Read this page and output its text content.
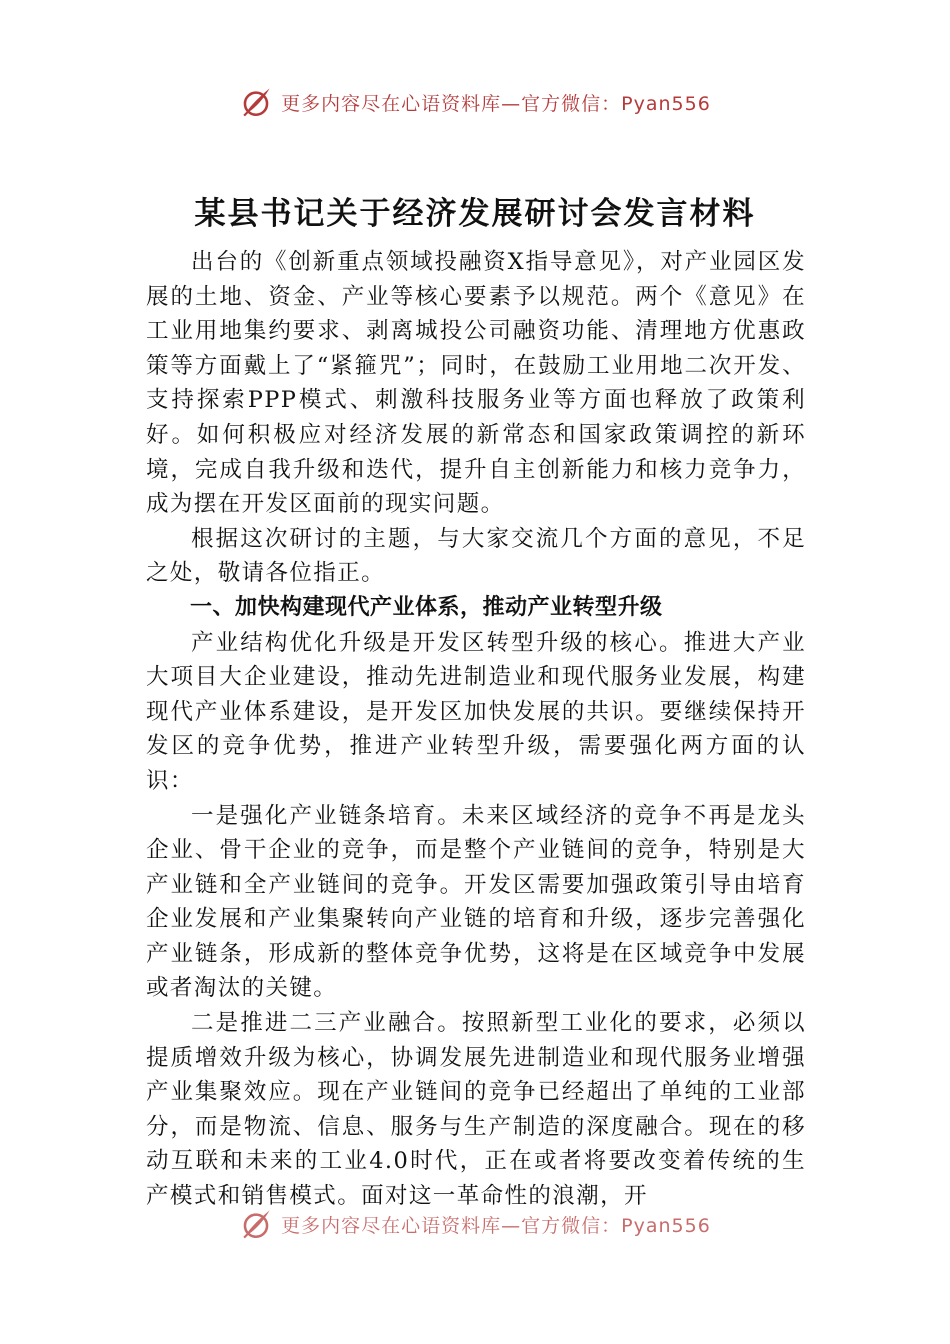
更多内容尽在心语资料库—官方微信：Pyan556
某县书记关于经济发展研讨会发言材料

出台的《创新重点领域投融资X指导意见》，对产业园区发展的土地、资金、产业等核心要素予以规范。两个《意见》在工业用地集约要求、剥离城投公司融资功能、清理地方优惠政策等方面戴上了“紧箍咒”；同时，在鼓励工业用地二次开发、支持探索PPP模式、刺激科技服务业等方面也释放了政策利好。如何积极应对经济发展的新常态和国家政策调控的新环境，完成自我升级和迭代，提升自主创新能力和核力竞争力，成为摆在开发区面前的现实问题。

根据这次研讨的主题，与大家交流几个方面的意见，不足之处，敬请各位指正。

一、加快构建现代产业体系，推动产业转型升级

产业结构优化升级是开发区转型升级的核心。推进大产业大项目大企业建设，推动先进制造业和现代服务业发展，构建现代产业体系建设，是开发区加快发展的共识。要继续保持开发区的竞争优势，推进产业转型升级，需要强化两方面的认识：

一是强化产业链条培育。未来区域经济的竞争不再是龙头企业、骨干企业的竞争，而是整个产业链间的竞争，特别是大产业链和全产业链间的竞争。开发区需要加强政策引导由培育企业发展和产业集聚转向产业链的培育和升级，逐步完善强化产业链条，形成新的整体竞争优势，这将是在区域竞争中发展或者淘汰的关键。

二是推进二三产业融合。按照新型工业化的要求，必须以提质增效升级为核心，协调发展先进制造业和现代服务业增强产业集聚效应。现在产业链间的竞争已经超出了单纯的工业部分，而是物流、信息、服务与生产制造的深度融合。现在的移动互联和未来的工业4.0时代，正在或者将要改变着传统的生产模式和销售模式。面对这一革命性的浪潮，开

更多内容尽在心语资料库—官方微信：Pyan556
